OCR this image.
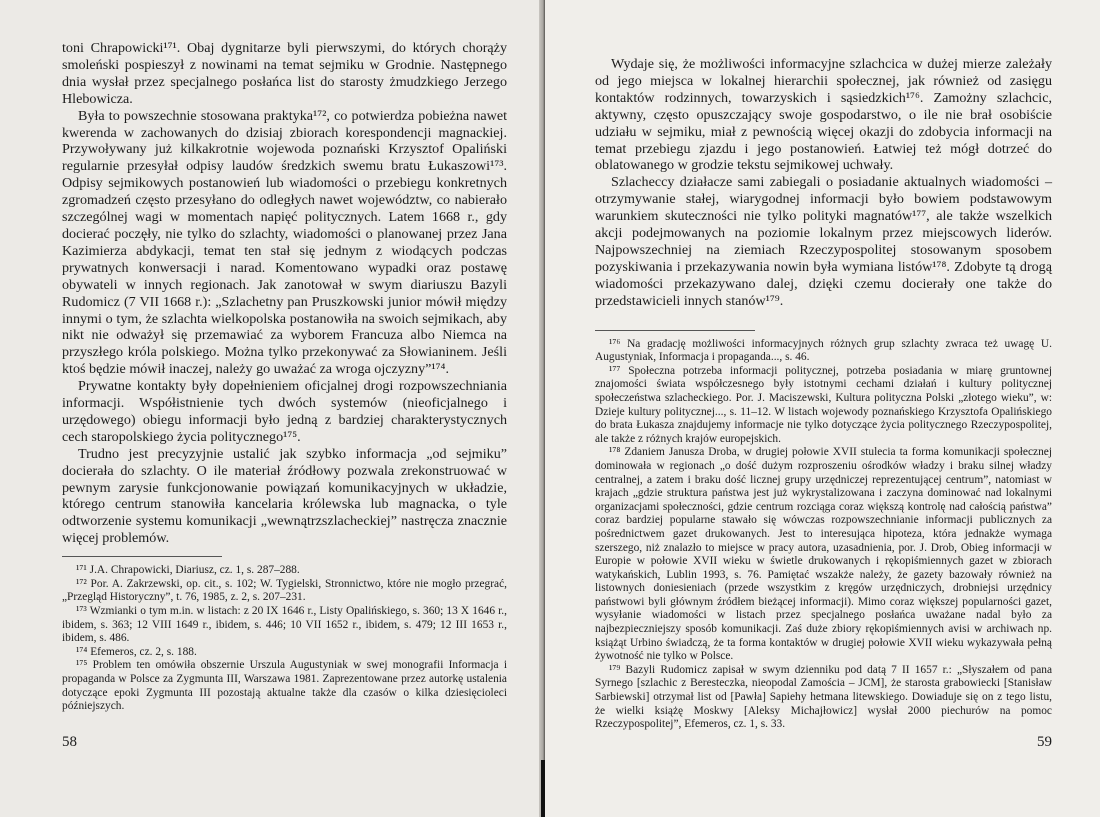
toni Chrapowicki¹⁷¹. Obaj dygnitarze byli pierwszymi, do których chorąży smoleński pospieszył z nowinami na temat sejmiku w Grodnie. Następnego dnia wysłał przez specjalnego posłańca list do starosty żmudzkiego Jerzego Hlebowicza.

Była to powszechnie stosowana praktyka¹⁷², co potwierdza pobieżna nawet kwerenda w zachowanych do dzisiaj zbiorach korespondencji magnackiej. Przywoływany już kilkakrotnie wojewoda poznański Krzysztof Opaliński regularnie przesyłał odpisy laudów średzkich swemu bratu Łukaszowi¹⁷³. Odpisy sejmikowych postanowień lub wiadomości o przebiegu konkretnych zgromadzeń często przesyłano do odległych nawet województw, co nabierało szczególnej wagi w momentach napięć politycznych. Latem 1668 r., gdy docierać poczęły, nie tylko do szlachty, wiadomości o planowanej przez Jana Kazimierza abdykacji, temat ten stał się jednym z wiodących podczas prywatnych konwersacji i narad. Komentowano wypadki oraz postawę obywateli w innych regionach. Jak zanotował w swym diariuszu Bazyli Rudomicz (7 VII 1668 r.): „Szlachetny pan Pruszkowski junior mówił między innymi o tym, że szlachta wielkopolska postanowiła na swoich sejmikach, aby nikt nie odważył się przemawiać za wyborem Francuza albo Niemca na przyszłego króla polskiego. Można tylko przekonywać za Słowianinem. Jeśli ktoś będzie mówił inaczej, należy go uważać za wroga ojczyzny”¹⁷⁴.

Prywatne kontakty były dopełnieniem oficjalnej drogi rozpowszechniania informacji. Współistnienie tych dwóch systemów (nieoficjalnego i urzędowego) obiegu informacji było jedną z bardziej charakterystycznych cech staropolskiego życia politycznego¹⁷⁵.

Trudno jest precyzyjnie ustalić jak szybko informacja „od sejmiku” docierała do szlachty. O ile materiał źródłowy pozwala zrekonstruować w pewnym zarysie funkcjonowanie powiązań komunikacyjnych w układzie, którego centrum stanowiła kancelaria królewska lub magnacka, o tyle odtworzenie systemu komunikacji „wewnątrzszlacheckiej” nastręcza znacznie więcej problemów.

¹⁷¹ J.A. Chrapowicki, Diariusz, cz. 1, s. 287–288.

¹⁷² Por. A. Zakrzewski, op. cit., s. 102; W. Tygielski, Stronnictwo, które nie mogło przegrać, „Przegląd Historyczny”, t. 76, 1985, z. 2, s. 207–231.

¹⁷³ Wzmianki o tym m.in. w listach: z 20 IX 1646 r., Listy Opalińskiego, s. 360; 13 X 1646 r., ibidem, s. 363; 12 VIII 1649 r., ibidem, s. 446; 10 VII 1652 r., ibidem, s. 479; 12 III 1653 r., ibidem, s. 486.

¹⁷⁴ Efemeros, cz. 2, s. 188.

¹⁷⁵ Problem ten omówiła obszernie Urszula Augustyniak w swej monografii Informacja i propaganda w Polsce za Zygmunta III, Warszawa 1981. Zaprezentowane przez autorkę ustalenia dotyczące epoki Zygmunta III pozostają aktualne także dla czasów o kilka dziesięcioleci późniejszych.

58

Wydaje się, że możliwości informacyjne szlachcica w dużej mierze zależały od jego miejsca w lokalnej hierarchii społecznej, jak również od zasięgu kontaktów rodzinnych, towarzyskich i sąsiedzkich¹⁷⁶. Zamożny szlachcic, aktywny, często opuszczający swoje gospodarstwo, o ile nie brał osobiście udziału w sejmiku, miał z pewnością więcej okazji do zdobycia informacji na temat przebiegu zjazdu i jego postanowień. Łatwiej też mógł dotrzeć do oblatowanego w grodzie tekstu sejmikowej uchwały.

Szlacheccy działacze sami zabiegali o posiadanie aktualnych wiadomości – otrzymywanie stałej, wiarygodnej informacji było bowiem podstawowym warunkiem skuteczności nie tylko polityki magnatów¹⁷⁷, ale także wszelkich akcji podejmowanych na poziomie lokalnym przez miejscowych liderów. Najpowszechniej na ziemiach Rzeczypospolitej stosowanym sposobem pozyskiwania i przekazywania nowin była wymiana listów¹⁷⁸. Zdobyte tą drogą wiadomości przekazywano dalej, dzięki czemu docierały one także do przedstawicieli innych stanów¹⁷⁹.

¹⁷⁶ Na gradację możliwości informacyjnych różnych grup szlachty zwraca też uwagę U. Augustyniak, Informacja i propaganda..., s. 46.

¹⁷⁷ Społeczna potrzeba informacji politycznej, potrzeba posiadania w miarę gruntownej znajomości świata współczesnego były istotnymi cechami działań i kultury politycznej społeczeństwa szlacheckiego. Por. J. Maciszewski, Kultura polityczna Polski „złotego wieku”, w: Dzieje kultury politycznej..., s. 11–12. W listach wojewody poznańskiego Krzysztofa Opalińskiego do brata Łukasza znajdujemy informacje nie tylko dotyczące życia politycznego Rzeczypospolitej, ale także z różnych krajów europejskich.

¹⁷⁸ Zdaniem Janusza Droba, w drugiej połowie XVII stulecia ta forma komunikacji społecznej dominowała w regionach „o dość dużym rozproszeniu ośrodków władzy i braku silnej władzy centralnej, a zatem i braku dość licznej grupy urzędniczej reprezentującej centrum”, natomiast w krajach „gdzie struktura państwa jest już wykrystalizowana i zaczyna dominować nad lokalnymi organizacjami społeczności, gdzie centrum rozciąga coraz większą kontrolę nad całością państwa” coraz bardziej popularne stawało się wówczas rozpowszechnianie informacji publicznych za pośrednictwem gazet drukowanych. Jest to interesująca hipoteza, która jednakże wymaga szerszego, niż znalazło to miejsce w pracy autora, uzasadnienia, por. J. Drob, Obieg informacji w Europie w połowie XVII wieku w świetle drukowanych i rękopiśmiennych gazet w zbiorach watykańskich, Lublin 1993, s. 76. Pamiętać wszakże należy, że gazety bazowały również na listownych doniesieniach (przede wszystkim z kręgów urzędniczych, drobniejsi urzędnicy państwowi byli głównym źródłem bieżącej informacji). Mimo coraz większej popularności gazet, wysyłanie wiadomości w listach przez specjalnego posłańca uważane nadal było za najbezpieczniejszy sposób komunikacji. Zaś duże zbiory rękopiśmiennych avisi w archiwach np. książąt Urbino świadczą, że ta forma kontaktów w drugiej połowie XVII wieku wykazywała pełną żywotność nie tylko w Polsce.

¹⁷⁹ Bazyli Rudomicz zapisał w swym dzienniku pod datą 7 II 1657 r.: „Słyszałem od pana Syrnego [szlachic z Beresteczka, nieopodal Zamościa – JCM], że starosta grabowiecki [Stanisław Sarbiewski] otrzymał list od [Pawła] Sapiehy hetmana litewskiego. Dowiaduje się on z tego listu, że wielki książę Moskwy [Aleksy Michajłowicz] wysłał 2000 piechurów na pomoc Rzeczypospolitej”, Efemeros, cz. 1, s. 33.

59
